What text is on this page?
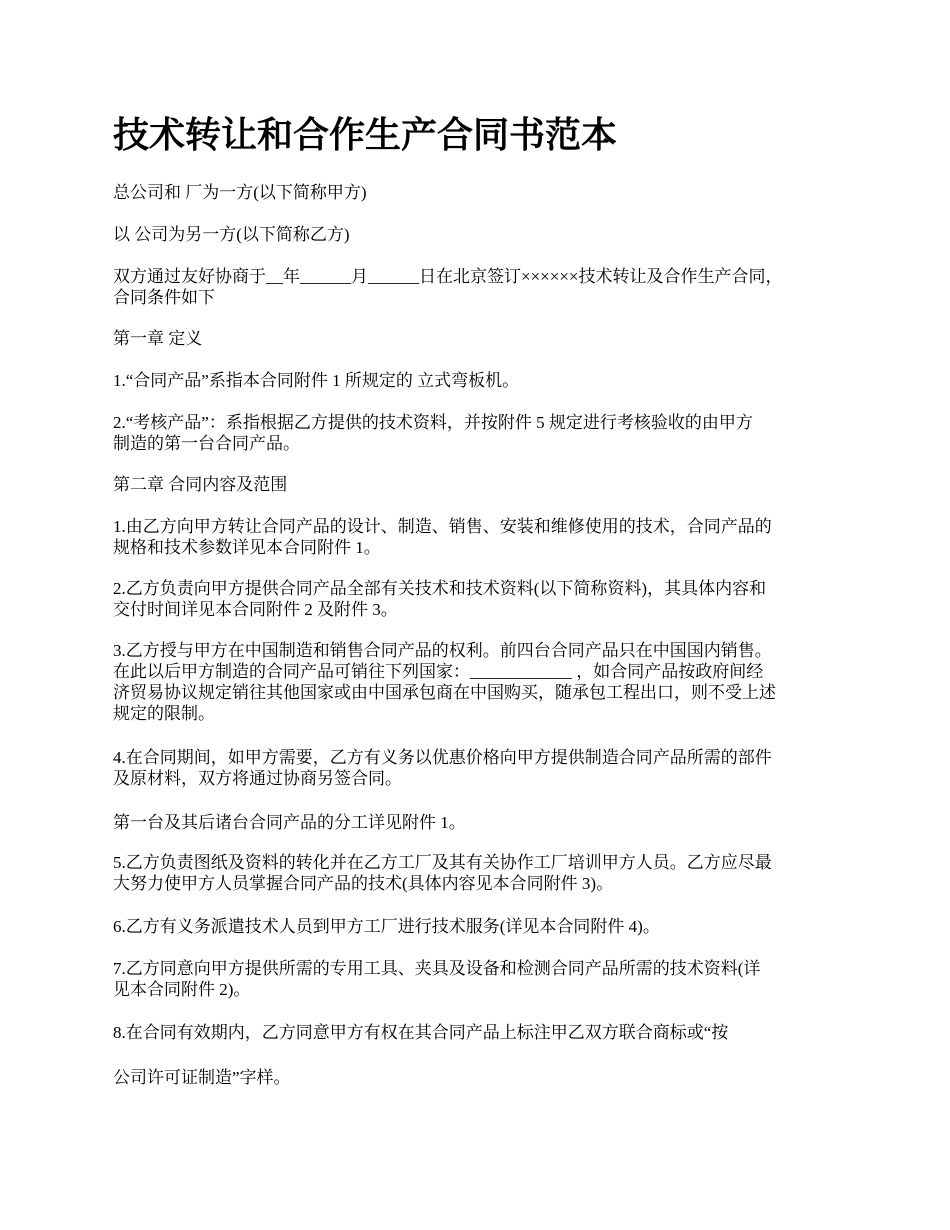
技术转让和合作生产合同书范本

总公司和 厂为一方(以下简称甲方)

以 公司为另一方(以下简称乙方)

双方通过友好协商于__年______月______日在北京签订××××××技术转让及合作生产合同，
合同条件如下

第一章 定义

1.“合同产品”系指本合同附件 1 所规定的 立式弯板机。

2.“考核产品”：系指根据乙方提供的技术资料，并按附件 5 规定进行考核验收的由甲方
制造的第一台合同产品。

第二章 合同内容及范围

1.由乙方向甲方转让合同产品的设计、制造、销售、安装和维修使用的技术，合同产品的
规格和技术参数详见本合同附件 1。

2.乙方负责向甲方提供合同产品全部有关技术和技术资料(以下简称资料)，其具体内容和
交付时间详见本合同附件 2 及附件 3。

3.乙方授与甲方在中国制造和销售合同产品的权利。前四台合同产品只在中国国内销售。
在此以后甲方制造的合同产品可销往下列国家：____________ ，如合同产品按政府间经
济贸易协议规定销往其他国家或由中国承包商在中国购买，随承包工程出口，则不受上述
规定的限制。

4.在合同期间，如甲方需要，乙方有义务以优惠价格向甲方提供制造合同产品所需的部件
及原材料，双方将通过协商另签合同。

第一台及其后诸台合同产品的分工详见附件 1。

5.乙方负责图纸及资料的转化并在乙方工厂及其有关协作工厂培训甲方人员。乙方应尽最
大努力使甲方人员掌握合同产品的技术(具体内容见本合同附件 3)。

6.乙方有义务派遣技术人员到甲方工厂进行技术服务(详见本合同附件 4)。

7.乙方同意向甲方提供所需的专用工具、夹具及设备和检测合同产品所需的技术资料(详
见本合同附件 2)。

8.在合同有效期内，乙方同意甲方有权在其合同产品上标注甲乙双方联合商标或“按

公司许可证制造”字样。
